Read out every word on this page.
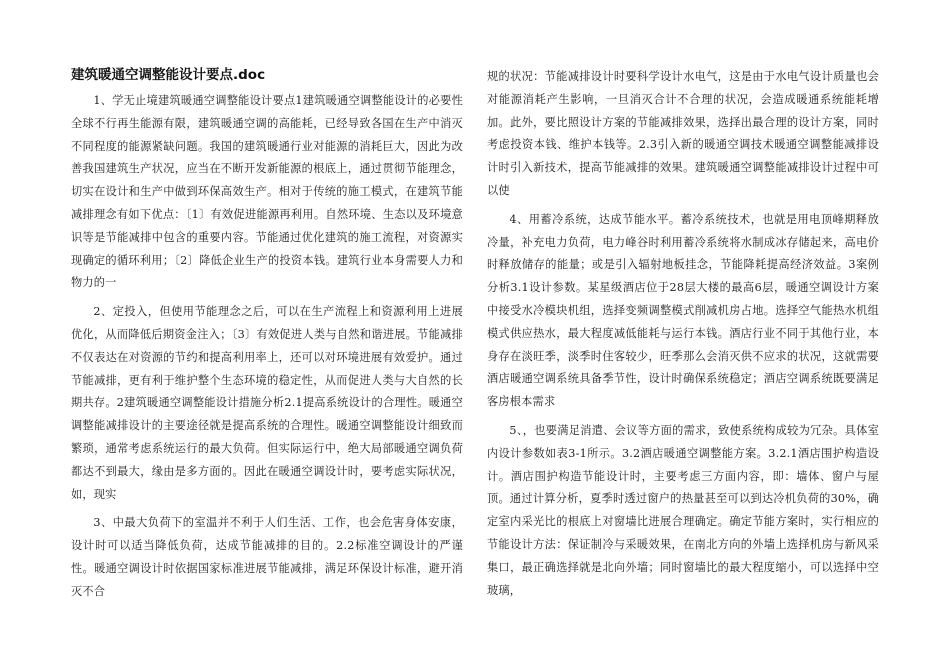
建筑暖通空调整能设计要点.doc

1、学无止境建筑暖通空调整能设计要点1建筑暖通空调整能设计的必要性全球不行再生能源有限，建筑暖通空调的高能耗，已经导致各国在生产中消灭不同程度的能源紧缺问题。我国的建筑暖通行业对能源的消耗巨大，因此为改善我国建筑生产状况，应当在不断开发新能源的根底上，通过贯彻节能理念，切实在设计和生产中做到环保高效生产。相对于传统的施工模式，在建筑节能减排理念有如下优点：〔1〕有效促进能源再利用。自然环境、生态以及环境意识等是节能减排中包含的重要内容。节能通过优化建筑的施工流程，对资源实现确定的循环利用；〔2〕降低企业生产的投资本钱。建筑行业本身需要人力和物力的一

2、定投入，但使用节能理念之后，可以在生产流程上和资源利用上进展优化，从而降低后期资金注入；〔3〕有效促进人类与自然和谐进展。节能减排不仅表达在对资源的节约和提高利用率上，还可以对环境进展有效爱护。通过节能减排，更有利于维护整个生态环境的稳定性，从而促进人类与大自然的长期共存。2建筑暖通空调整能设计措施分析2.1提高系统设计的合理性。暖通空调整能减排设计的主要途径就是提高系统的合理性。暖通空调整能设计细致而繁琐，通常考虑系统运行的最大负荷。但实际运行中，绝大局部暖通空调负荷都达不到最大，缘由是多方面的。因此在暖通空调设计时，要考虑实际状况，如，现实

3、中最大负荷下的室温并不利于人们生活、工作，也会危害身体安康，设计时可以适当降低负荷，达成节能减排的目的。2.2标准空调设计的严谨性。暖通空调设计时依据国家标准进展节能减排，满足环保设计标准，避开消灭不合

规的状况：节能减排设计时要科学设计水电气，这是由于水电气设计质量也会对能源消耗产生影响，一旦消灭合计不合理的状况，会造成暖通系统能耗增加。此外，要比照设计方案的节能减排效果，选择出最合理的设计方案，同时考虑投资本钱、维护本钱等。2.3引入新的暖通空调技术暖通空调整能减排设计时引入新技术，提高节能减排的效果。建筑暖通空调整能减排设计过程中可以使

4、用蓄冷系统，达成节能水平。蓄冷系统技术，也就是用电顶峰期释放冷量，补充电力负荷，电力峰谷时利用蓄冷系统将水制成冰存储起来，高电价时释放储存的能量；或是引入辐射地板挂念，节能降耗提高经济效益。3案例分析3.1设计参数。某星级酒店位于28层大楼的最高6层，暖通空调设计方案中接受水冷模块机组，选择变频调整模式削减机房占地。选择空气能热水机组模式供应热水，最大程度减低能耗与运行本钱。酒店行业不同于其他行业，本身存在淡旺季，淡季时住客较少，旺季那么会消灭供不应求的状况，这就需要酒店暖通空调系统具备季节性，设计时确保系统稳定；酒店空调系统既要满足客房根本需求

5、，也要满足消遣、会议等方面的需求，致使系统构成较为冗杂。具体室内设计参数如表3-1所示。3.2酒店暖通空调整能方案。3.2.1酒店围护构造设计。酒店围护构造节能设计时，主要考虑三方面内容，即：墙体、窗户与屋顶。通过计算分析，夏季时透过窗户的热量甚至可以到达冷机负荷的30%，确定室内采光比的根底上对窗墙比进展合理确定。确定节能方案时，实行相应的节能设计方法：保证制冷与采暖效果，在南北方向的外墙上选择机房与新风采集口，最正确选择就是北向外墙；同时窗墙比的最大程度缩小，可以选择中空玻璃，
